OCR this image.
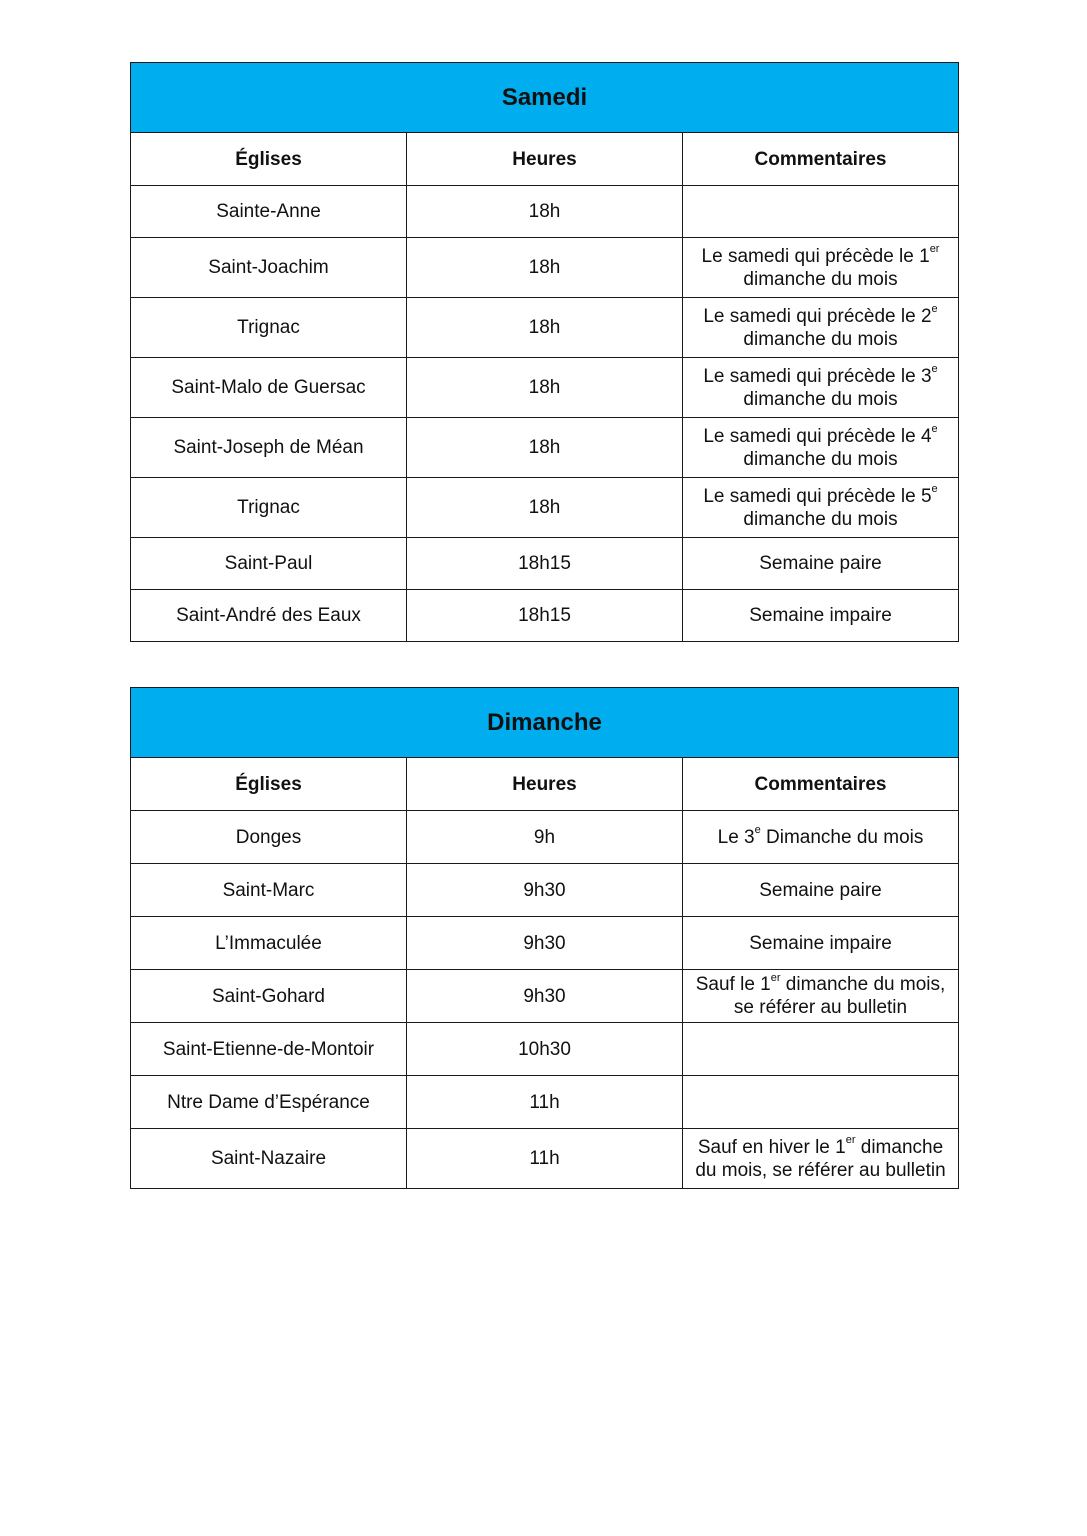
Samedi		
Églises	Heures	Commentaires
Sainte-Anne	18h	
Saint-Joachim	18h	Le samedi qui précède le 1er
dimanche du mois

Trignac	18h	Le samedi qui précède le 2e
dimanche du mois

Saint-Malo de Guersac	18h	Le samedi qui précède le 3e
dimanche du mois

Saint-Joseph de Méan	18h	Le samedi qui précède le 4e
dimanche du mois

Trignac	18h	Le samedi qui précède le 5e
dimanche du mois

Saint-Paul	18h15	Semaine paire
Saint-André des Eaux	18h15	Semaine impaire
Dimanche		
Églises	Heures	Commentaires
Donges	9h	Le 3e Dimanche du mois
Saint-Marc	9h30	Semaine paire
L’Immaculée	9h30	Semaine impaire
Saint-Gohard	9h30	Sauf le 1er dimanche du mois,
se référer au bulletin

Saint-Etienne-de-Montoir	10h30	
Ntre Dame d’Espérance	11h	
Saint-Nazaire	11h	Sauf en hiver le 1er dimanche
du mois, se référer au bulletin
